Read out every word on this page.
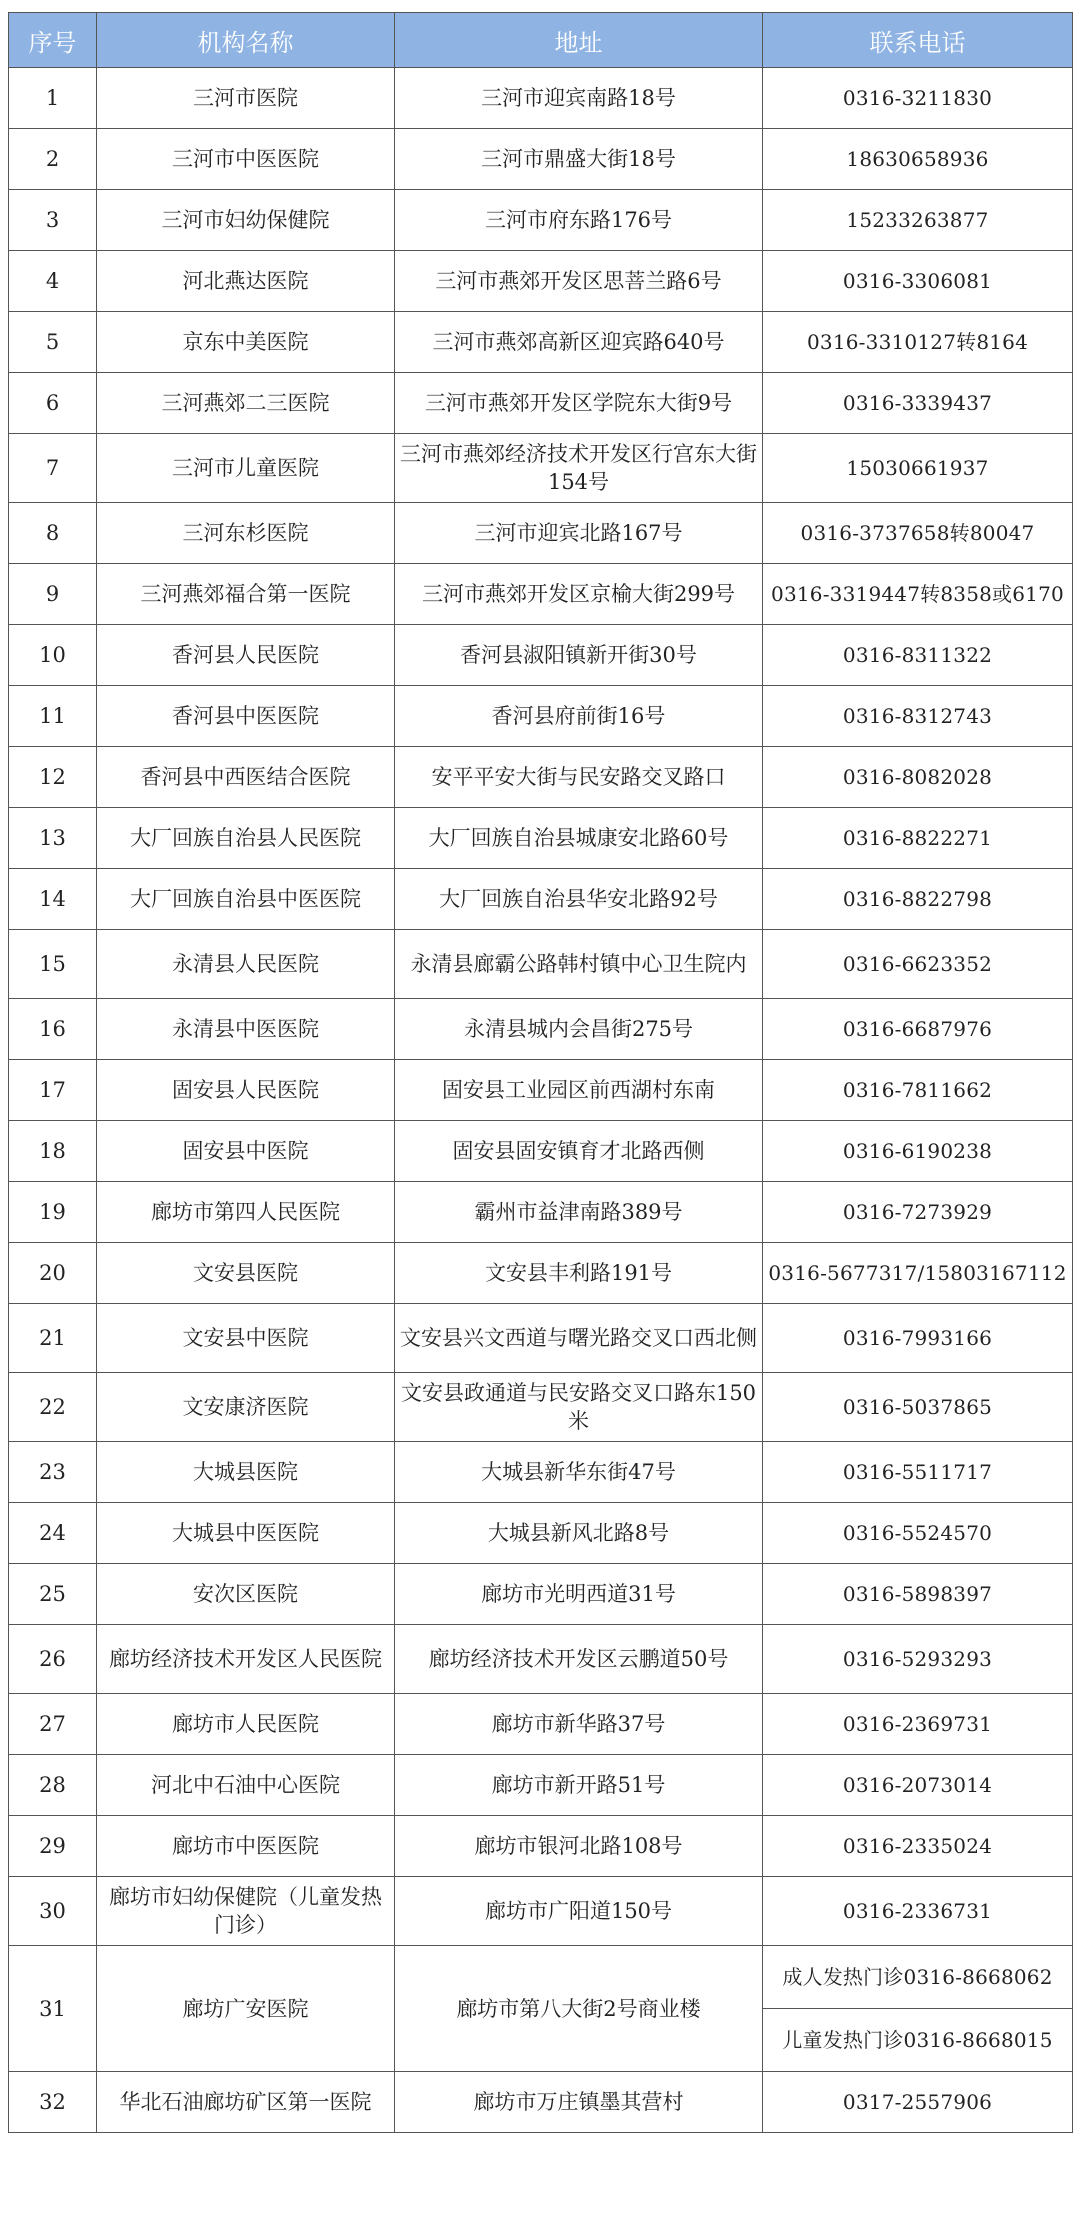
序号	机构名称	地址	联系电话
1	三河市医院	三河市迎宾南路18号	0316-3211830
2	三河市中医医院	三河市鼎盛大街18号	18630658936
3	三河市妇幼保健院	三河市府东路176号	15233263877
4	河北燕达医院	三河市燕郊开发区思菩兰路6号	0316-3306081
5	京东中美医院	三河市燕郊高新区迎宾路640号	0316-3310127转8164
6	三河燕郊二三医院	三河市燕郊开发区学院东大街9号	0316-3339437
7	三河市儿童医院	三河市燕郊经济技术开发区行宫东大街154号	15030661937
8	三河东杉医院	三河市迎宾北路167号	0316-3737658转80047
9	三河燕郊福合第一医院	三河市燕郊开发区京榆大街299号	0316-3319447转8358或6170
10	香河县人民医院	香河县淑阳镇新开街30号	0316-8311322
11	香河县中医医院	香河县府前街16号	0316-8312743
12	香河县中西医结合医院	安平平安大街与民安路交叉路口	0316-8082028
13	大厂回族自治县人民医院	大厂回族自治县城康安北路60号	0316-8822271
14	大厂回族自治县中医医院	大厂回族自治县华安北路92号	0316-8822798
15	永清县人民医院	永清县廊霸公路韩村镇中心卫生院内	0316-6623352
16	永清县中医医院	永清县城内会昌街275号	0316-6687976
17	固安县人民医院	固安县工业园区前西湖村东南	0316-7811662
18	固安县中医院	固安县固安镇育才北路西侧	0316-6190238
19	廊坊市第四人民医院	霸州市益津南路389号	0316-7273929
20	文安县医院	文安县丰利路191号	0316-5677317/15803167112
21	文安县中医院	文安县兴文西道与曙光路交叉口西北侧	0316-7993166
22	文安康济医院	文安县政通道与民安路交叉口路东150米	0316-5037865
23	大城县医院	大城县新华东街47号	0316-5511717
24	大城县中医医院	大城县新风北路8号	0316-5524570
25	安次区医院	廊坊市光明西道31号	0316-5898397
26	廊坊经济技术开发区人民医院	廊坊经济技术开发区云鹏道50号	0316-5293293
27	廊坊市人民医院	廊坊市新华路37号	0316-2369731
28	河北中石油中心医院	廊坊市新开路51号	0316-2073014
29	廊坊市中医医院	廊坊市银河北路108号	0316-2335024
30	廊坊市妇幼保健院（儿童发热门诊）	廊坊市广阳道150号	0316-2336731
31	廊坊广安医院	廊坊市第八大街2号商业楼	成人发热门诊0316-8668062
			儿童发热门诊0316-8668015
32	华北石油廊坊矿区第一医院	廊坊市万庄镇墨其营村	0317-2557906
